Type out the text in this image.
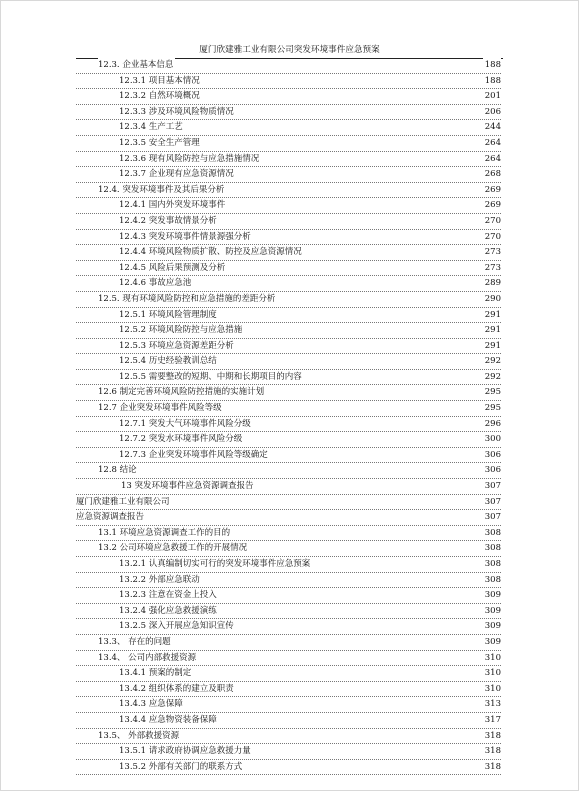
厦门欣建雅工业有限公司突发环境事件应急预案
12.3. 企业基本信息	188
12.3.1 项目基本情况	188
12.3.2 自然环境概况	201
12.3.3 涉及环境风险物质情况	206
12.3.4 生产工艺	244
12.3.5 安全生产管理	264
12.3.6 现有风险防控与应急措施情况	264
12.3.7 企业现有应急资源情况	268
12.4. 突发环境事件及其后果分析	269
12.4.1 国内外突发环境事件	269
12.4.2 突发事故情景分析	270
12.4.3 突发环境事件情景源强分析	270
12.4.4 环境风险物质扩散、防控及应急资源情况	273
12.4.5 风险后果预测及分析	273
12.4.6 事故应急池	289
12.5. 现有环境风险防控和应急措施的差距分析	290
12.5.1 环境风险管理制度	291
12.5.2 环境风险防控与应急措施	291
12.5.3 环境应急资源差距分析	291
12.5.4 历史经验教训总结	292
12.5.5 需要整改的短期、中期和长期项目的内容	292
12.6 制定完善环境风险防控措施的实施计划	295
12.7 企业突发环境事件风险等级	295
12.7.1 突发大气环境事件风险分级	296
12.7.2 突发水环境事件风险分级	300
12.7.3 企业突发环境事件风险等级确定	306
12.8 结论	306
13 突发环境事件应急资源调查报告	307
厦门欣建雅工业有限公司	307
应急资源调查报告	307
13.1 环境应急资源调查工作的目的	308
13.2 公司环境应急救援工作的开展情况	308
13.2.1 认真编制切实可行的突发环境事件应急预案	308
13.2.2 外部应急联动	308
13.2.3 注意在资金上投入	309
13.2.4 强化应急救援演练	309
13.2.5 深入开展应急知识宣传	309
13.3、 存在的问题	309
13.4、 公司内部救援资源	310
13.4.1 预案的制定	310
13.4.2 组织体系的建立及职责	310
13.4.3 应急保障	313
13.4.4 应急物资装备保障	317
13.5、 外部救援资源	318
13.5.1 请求政府协调应急救援力量	318
13.5.2 外部有关部门的联系方式	318
